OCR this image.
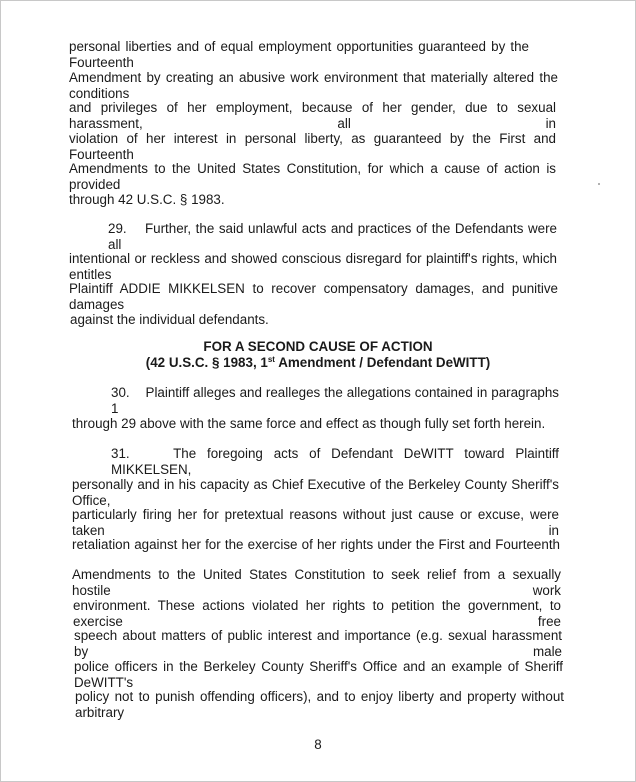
personal liberties and of equal employment opportunities guaranteed by the Fourteenth
Amendment by creating an abusive work environment that materially altered the conditions
and privileges of her employment, because of her gender, due to sexual harassment, all in
violation of her interest in personal liberty, as guaranteed by the First and Fourteenth
Amendments to the United States Constitution, for which a cause of action is provided
through 42 U.S.C. § 1983.
29.    Further, the said unlawful acts and practices of the Defendants were all
intentional or reckless and showed conscious disregard for plaintiff's rights, which entitles
Plaintiff ADDIE MIKKELSEN to recover compensatory damages, and punitive damages
against the individual defendants.
FOR A SECOND CAUSE OF ACTION
(42 U.S.C. § 1983, 1st Amendment / Defendant DeWITT)
30.    Plaintiff alleges and realleges the allegations contained in paragraphs 1
through 29 above with the same force and effect as though fully set forth herein.
31.    The foregoing acts of Defendant DeWITT toward Plaintiff MIKKELSEN,
personally and in his capacity as Chief Executive of the Berkeley County Sheriff's Office,
particularly firing her for pretextual reasons without just cause or excuse, were taken in
retaliation against her for the exercise of her rights under the First and Fourteenth
Amendments to the United States Constitution to seek relief from a sexually hostile work
environment. These actions violated her rights to petition the government, to exercise free
speech about matters of public interest and importance (e.g. sexual harassment by male
police officers in the Berkeley County Sheriff's Office and an example of Sheriff DeWITT's
policy not to punish offending officers), and to enjoy liberty and property without arbitrary
8
